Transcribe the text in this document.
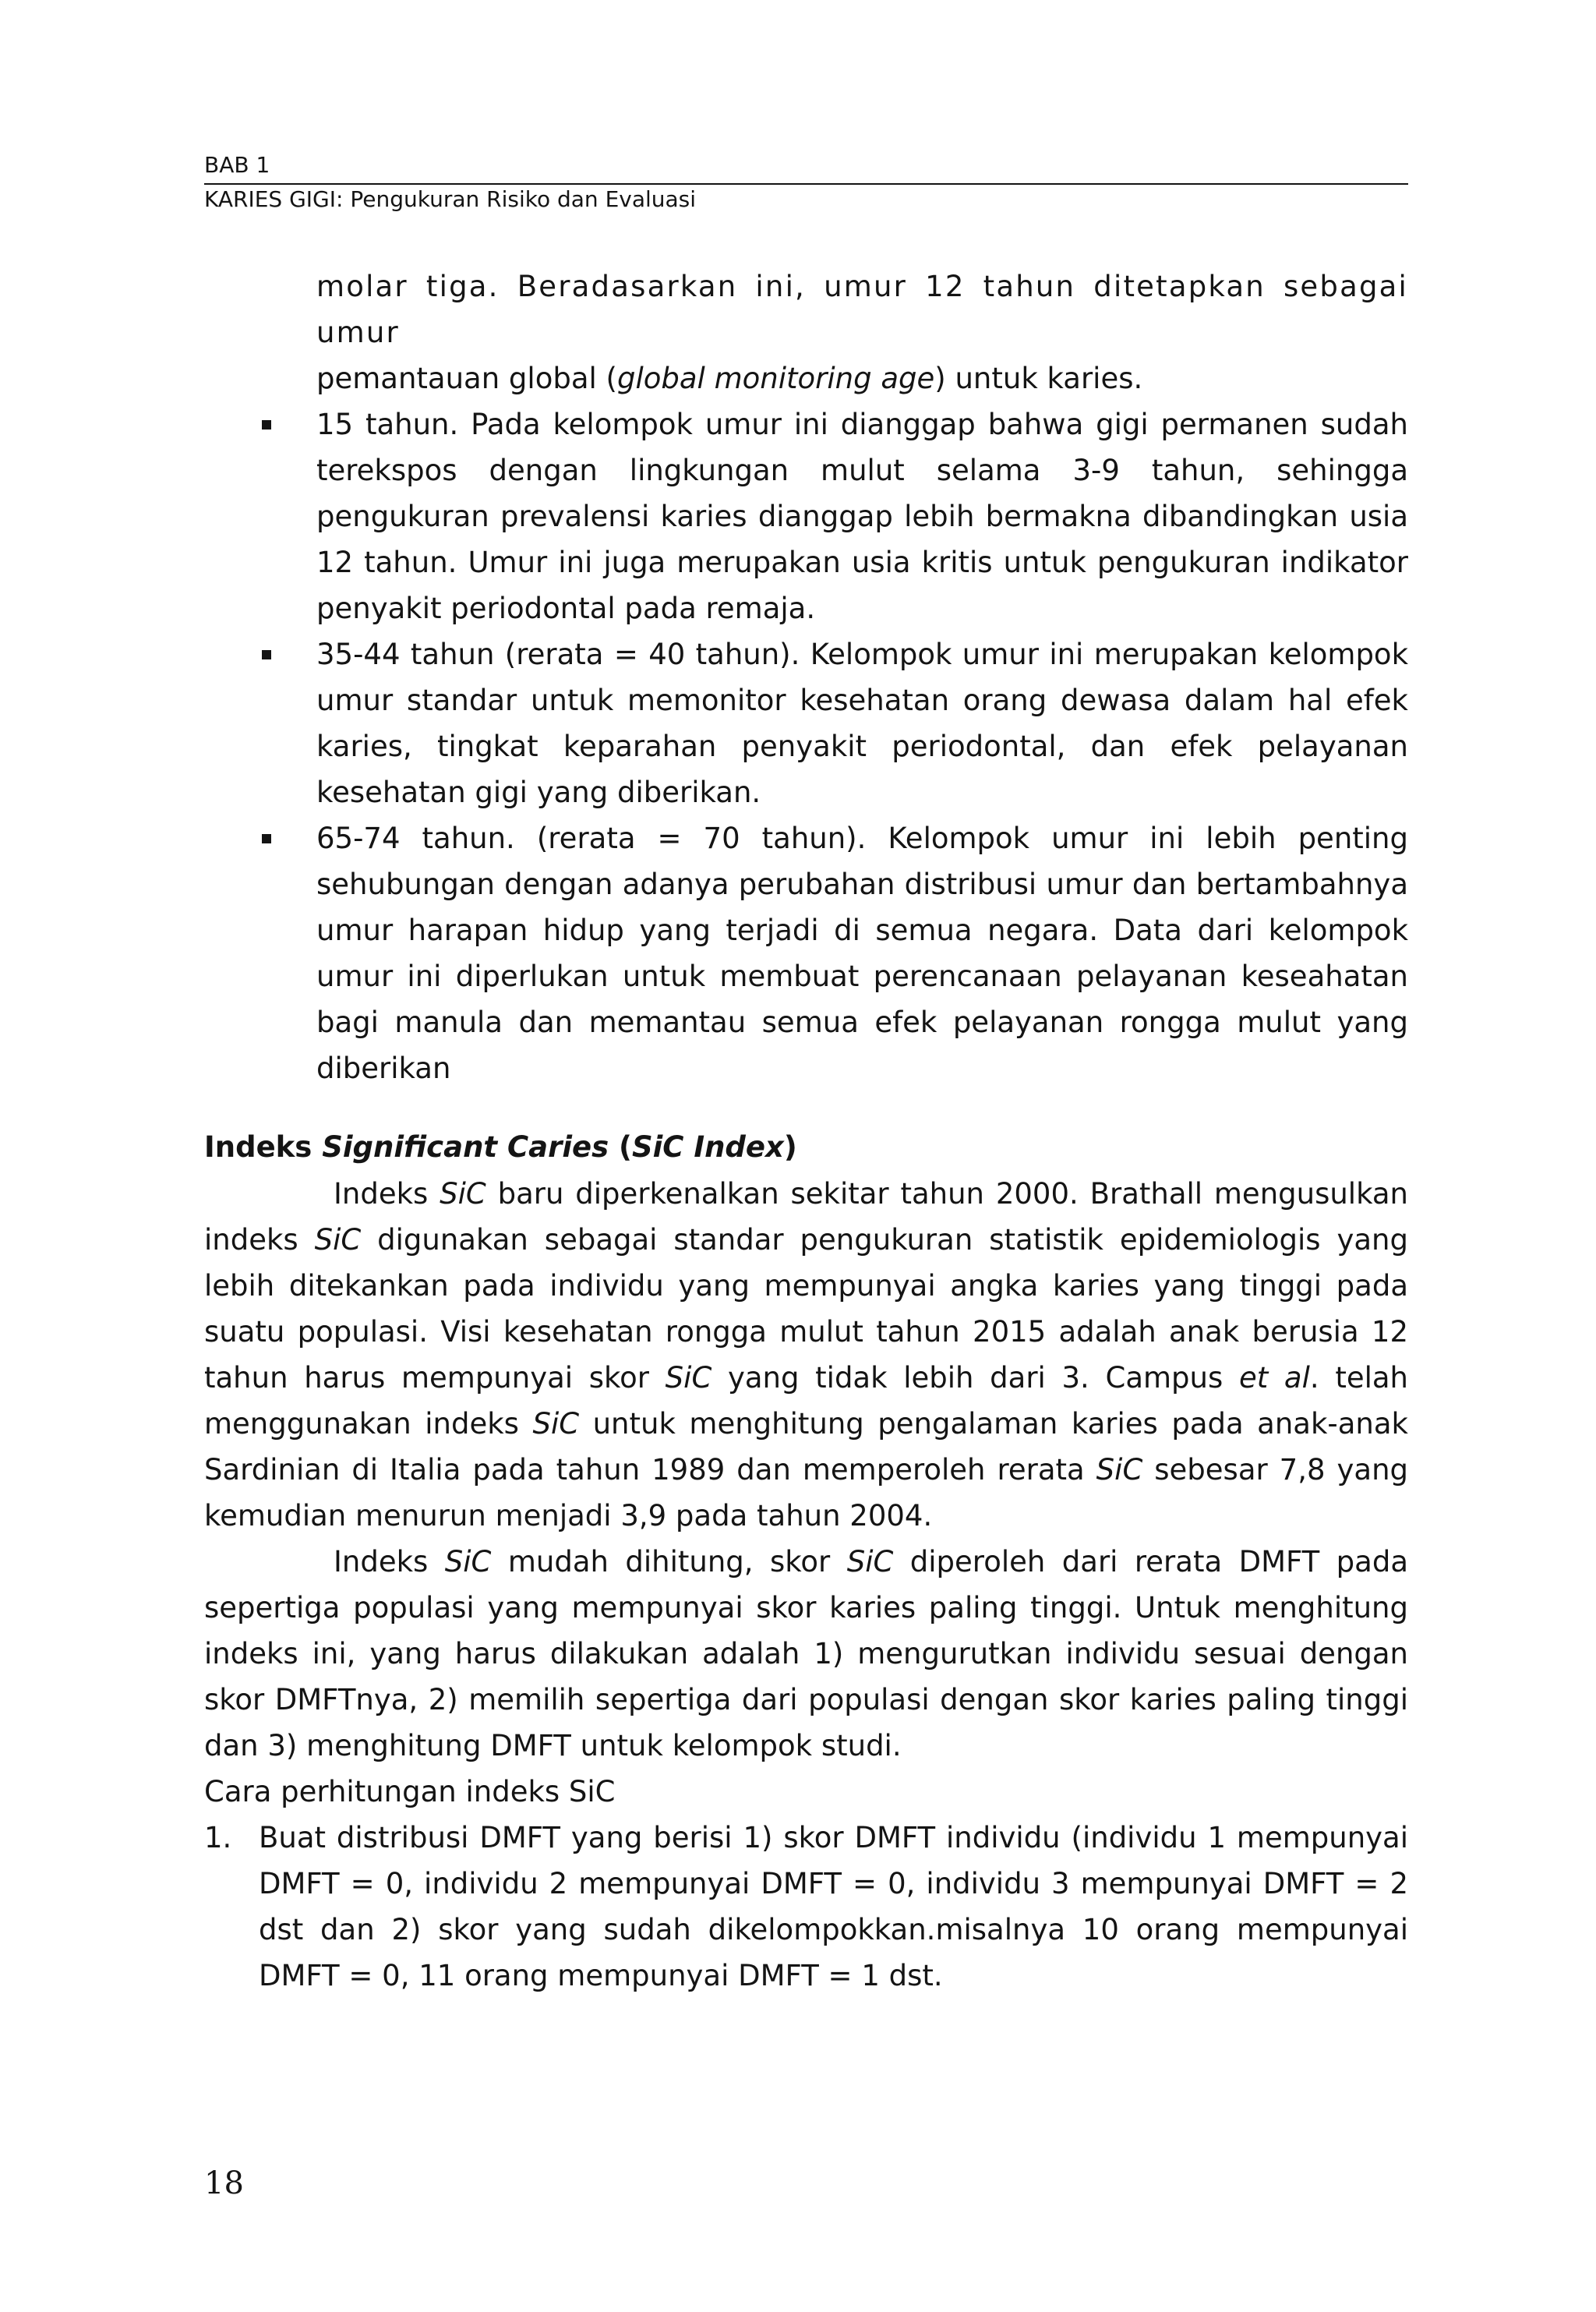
BAB 1
KARIES GIGI: Pengukuran Risiko dan Evaluasi
molar tiga. Beradasarkan ini, umur 12 tahun ditetapkan sebagai umur
pemantauan global (global monitoring age) untuk karies.
15 tahun. Pada kelompok umur ini dianggap bahwa gigi permanen sudah terekspos dengan lingkungan mulut selama 3-9 tahun, sehingga pengukuran prevalensi karies dianggap lebih bermakna dibandingkan usia 12 tahun. Umur ini juga merupakan usia kritis untuk pengukuran indikator penyakit periodontal pada remaja.
35-44 tahun (rerata = 40 tahun). Kelompok umur ini merupakan kelompok umur standar untuk memonitor kesehatan orang dewasa dalam hal efek karies, tingkat keparahan penyakit periodontal, dan efek pelayanan kesehatan gigi yang diberikan.
65-74 tahun. (rerata = 70 tahun). Kelompok umur ini lebih penting sehubungan dengan adanya perubahan distribusi umur dan bertambahnya umur harapan hidup yang terjadi di semua negara. Data dari kelompok umur ini diperlukan untuk membuat perencanaan pelayanan keseahatan bagi manula dan memantau semua efek pelayanan rongga mulut yang diberikan
Indeks Significant Caries (SiC Index)
Indeks SiC baru diperkenalkan sekitar tahun 2000. Brathall mengusulkan indeks SiC digunakan sebagai standar pengukuran statistik epidemiologis yang lebih ditekankan pada individu yang mempunyai angka karies yang tinggi pada suatu populasi. Visi kesehatan rongga mulut tahun 2015 adalah anak berusia 12 tahun harus mempunyai skor SiC yang tidak lebih dari 3. Campus et al. telah menggunakan indeks SiC untuk menghitung pengalaman karies pada anak-anak Sardinian di Italia pada tahun 1989 dan memperoleh rerata SiC sebesar 7,8 yang kemudian menurun menjadi 3,9 pada tahun 2004.
Indeks SiC mudah dihitung, skor SiC diperoleh dari rerata DMFT pada sepertiga populasi yang mempunyai skor karies paling tinggi. Untuk menghitung indeks ini, yang harus dilakukan adalah 1) mengurutkan individu sesuai dengan skor DMFTnya, 2) memilih sepertiga dari populasi dengan skor karies paling tinggi dan 3) menghitung DMFT untuk kelompok studi.
Cara perhitungan indeks SiC
1. Buat distribusi DMFT yang berisi 1) skor DMFT individu (individu 1 mempunyai DMFT = 0, individu 2 mempunyai DMFT = 0, individu 3 mempunyai DMFT = 2 dst dan 2) skor yang sudah dikelompokkan.misalnya 10 orang mempunyai DMFT = 0, 11 orang mempunyai DMFT = 1 dst.
18
